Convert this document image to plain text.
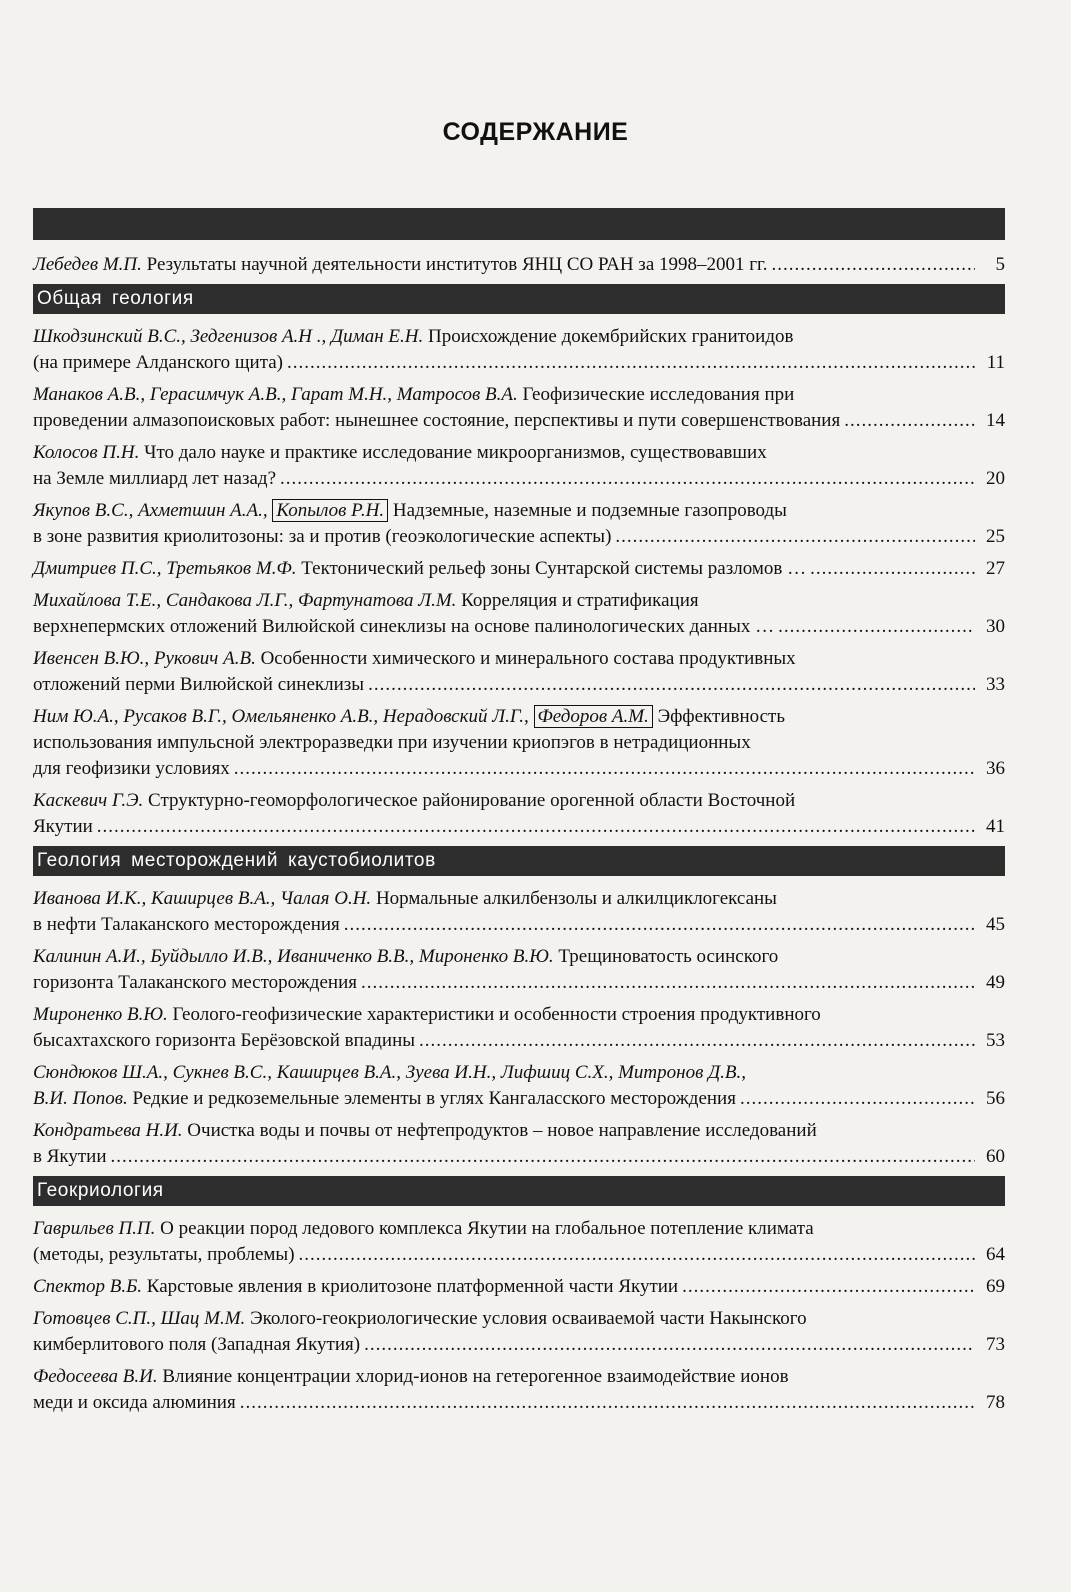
СОДЕРЖАНИЕ
Лебедев М.П. Результаты научной деятельности институтов ЯНЦ СО РАН за 1998–2001 гг. .....	5
Общая геология
Шкодзинский В.С., Зедгенизов А.Н ., Диман Е.Н. Происхождение докембрийских гранитоидов
(на примере Алданского щита) .....	11
Манаков А.В., Герасимчук А.В., Гарат М.Н., Матросов В.А. Геофизические исследования при
проведении алмазопоисковых работ: нынешнее состояние, перспективы и пути совершенствования .....	14
Колосов П.Н. Что дало науке и практике исследование микроорганизмов, существовавших
на Земле миллиард лет назад? .....	20
Якупов В.С., Ахметшин А.А., Копылов Р.Н. Надземные, наземные и подземные газопроводы
в зоне развития криолитозоны: за и против (геоэкологические аспекты) .....	25
Дмитриев П.С., Третьяков М.Ф. Тектонический рельеф зоны Сунтарской системы разломов … .....	27
Михайлова Т.Е., Сандакова Л.Г., Фартунатова Л.М. Корреляция и стратификация
верхнепермских отложений Вилюйской синеклизы на основе палинологических данных … .....	30
Ивенсен В.Ю., Рукович А.В. Особенности химического и минерального состава продуктивных
отложений перми Вилюйской синеклизы .....	33
Ним Ю.А., Русаков В.Г., Омельяненко А.В., Нерадовский Л.Г., Федоров А.М. Эффективность
использования импульсной электроразведки при изучении криопэгов в нетрадиционных
для геофизики условиях .....	36
Каскевич Г.Э. Структурно-геоморфологическое районирование орогенной области Восточной
Якутии .....	41
Геология месторождений каустобиолитов
Иванова И.К., Каширцев В.А., Чалая О.Н. Нормальные алкилбензолы и алкилциклогексаны
в нефти Талаканского месторождения .....	45
Калинин А.И., Буйдылло И.В., Иваниченко В.В., Мироненко В.Ю. Трещиноватость осинского
горизонта Талаканского месторождения .....	49
Мироненко В.Ю. Геолого-геофизические характеристики и особенности строения продуктивного
бысахтахского горизонта Берёзовской впадины .....	53
Сюндюков Ш.А., Сукнев В.С., Каширцев В.А., Зуева И.Н., Лифшиц С.Х., Митронов Д.В.,
В.И. Попов. Редкие и редкоземельные элементы в углях Кангаласского месторождения .....	56
Кондратьева Н.И. Очистка воды и почвы от нефтепродуктов – новое направление исследований
в Якутии .....	60
Геокриология
Гаврильев П.П. О реакции пород ледового комплекса Якутии на глобальное потепление климата
(методы, результаты, проблемы) .....	64
Спектор В.Б. Карстовые явления в криолитозоне платформенной части Якутии .....	69
Готовцев С.П., Шац М.М. Эколого-геокриологические условия осваиваемой части Накынского
кимберлитового поля (Западная Якутия) .....	73
Федосеева В.И. Влияние концентрации хлорид-ионов на гетерогенное взаимодействие ионов
меди и оксида алюминия .....	78
